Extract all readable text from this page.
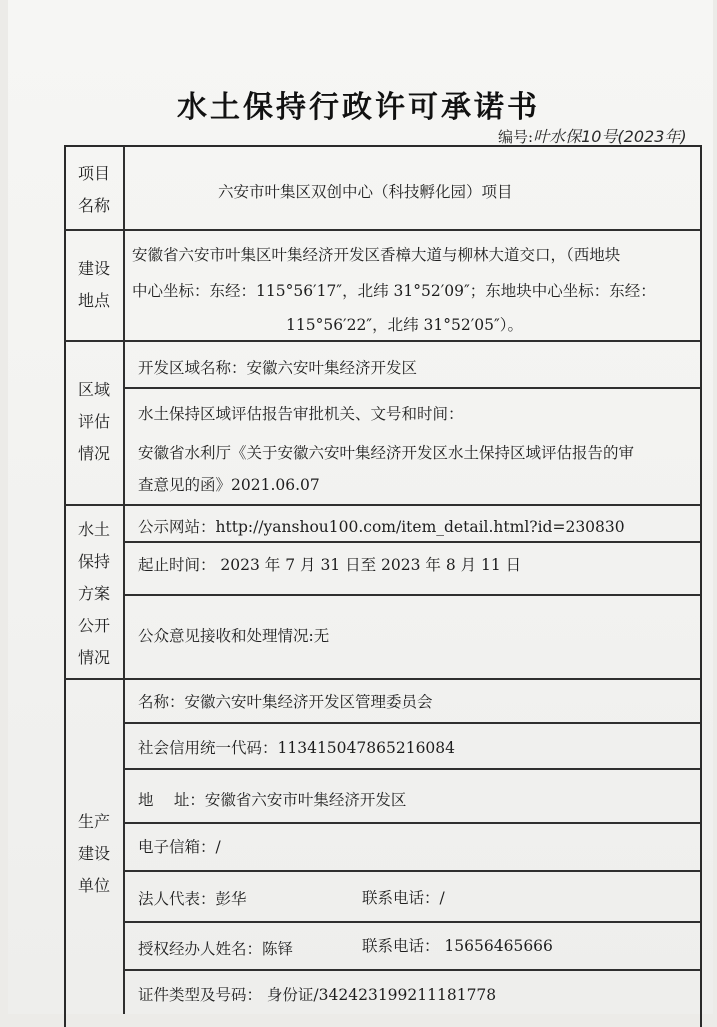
水土保持行政许可承诺书
编号:叶水保10号(2023年)
项目
名称
六安市叶集区双创中心（科技孵化园）项目
建设
地点
安徽省六安市叶集区叶集经济开发区香樟大道与柳林大道交口，（西地块
中心坐标：东经：115°56′17″，北纬 31°52′09″；东地块中心坐标：东经：
115°56′22″，北纬 31°52′05″）。
区域
评估
情况
开发区域名称：安徽六安叶集经济开发区
水土保持区域评估报告审批机关、文号和时间：
安徽省水利厅《关于安徽六安叶集经济开发区水土保持区域评估报告的审
查意见的函》2021.06.07
水土
保持
方案
公开
情况
公示网站：http://yanshou100.com/item_detail.html?id=230830
起止时间： 2023 年 7 月 31 日至 2023 年 8 月 11 日
公众意见接收和处理情况:无
生产
建设
单位
名称：安徽六安叶集经济开发区管理委员会
社会信用统一代码：113415047865216084
地　 址：安徽省六安市叶集经济开发区
电子信箱：/
法人代表：彭华	联系电话：/
授权经办人姓名：陈铎	联系电话： 15656465666
证件类型及号码： 身份证/342423199211181778
